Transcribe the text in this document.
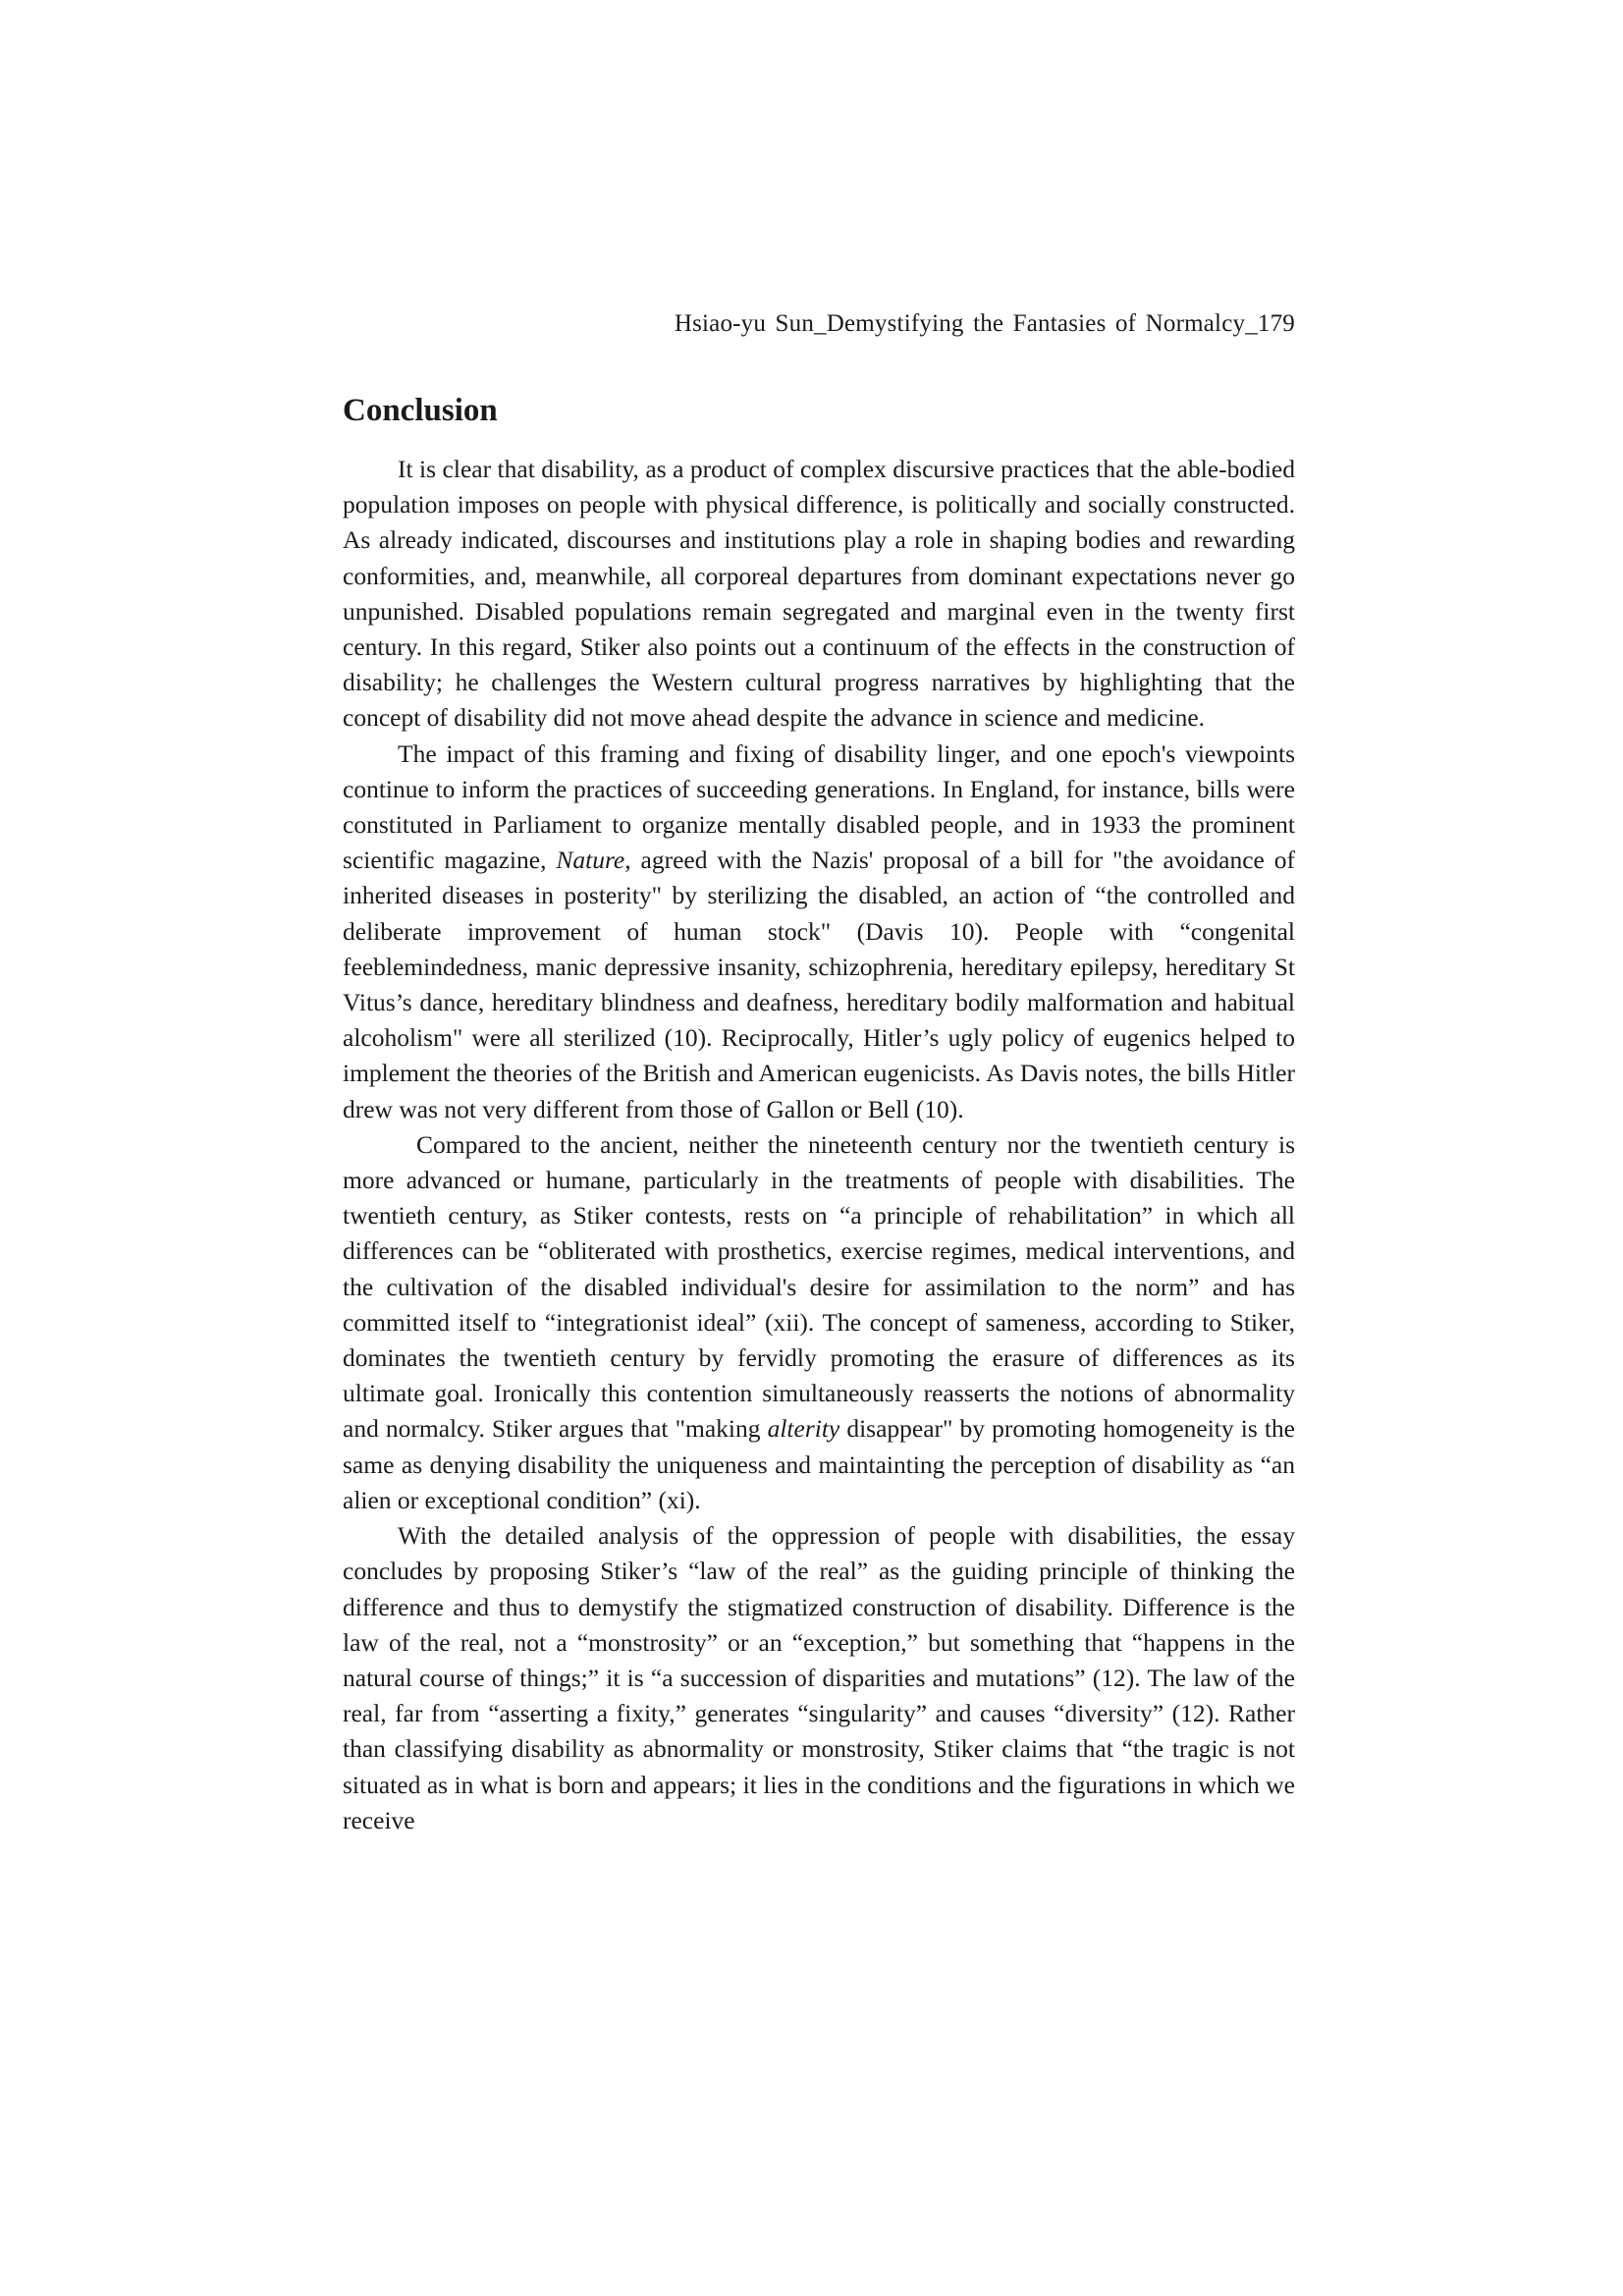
Hsiao-yu Sun_Demystifying the Fantasies of Normalcy_179
Conclusion

It is clear that disability, as a product of complex discursive practices that the able-bodied population imposes on people with physical difference, is politically and socially constructed. As already indicated, discourses and institutions play a role in shaping bodies and rewarding conformities, and, meanwhile, all corporeal departures from dominant expectations never go unpunished. Disabled populations remain segregated and marginal even in the twenty first century. In this regard, Stiker also points out a continuum of the effects in the construction of disability; he challenges the Western cultural progress narratives by highlighting that the concept of disability did not move ahead despite the advance in science and medicine.

The impact of this framing and fixing of disability linger, and one epoch's viewpoints continue to inform the practices of succeeding generations. In England, for instance, bills were constituted in Parliament to organize mentally disabled people, and in 1933 the prominent scientific magazine, Nature, agreed with the Nazis' proposal of a bill for "the avoidance of inherited diseases in posterity" by sterilizing the disabled, an action of “the controlled and deliberate improvement of human stock" (Davis 10). People with “congenital feeblemindedness, manic depressive insanity, schizophrenia, hereditary epilepsy, hereditary St Vitus’s dance, hereditary blindness and deafness, hereditary bodily malformation and habitual alcoholism" were all sterilized (10). Reciprocally, Hitler’s ugly policy of eugenics helped to implement the theories of the British and American eugenicists. As Davis notes, the bills Hitler drew was not very different from those of Gallon or Bell (10).

Compared to the ancient, neither the nineteenth century nor the twentieth century is more advanced or humane, particularly in the treatments of people with disabilities. The twentieth century, as Stiker contests, rests on “a principle of rehabilitation” in which all differences can be “obliterated with prosthetics, exercise regimes, medical interventions, and the cultivation of the disabled individual's desire for assimilation to the norm” and has committed itself to “integrationist ideal” (xii). The concept of sameness, according to Stiker, dominates the twentieth century by fervidly promoting the erasure of differences as its ultimate goal. Ironically this contention simultaneously reasserts the notions of abnormality and normalcy. Stiker argues that "making alterity disappear" by promoting homogeneity is the same as denying disability the uniqueness and maintainting the perception of disability as “an alien or exceptional condition” (xi).

With the detailed analysis of the oppression of people with disabilities, the essay concludes by proposing Stiker’s “law of the real” as the guiding principle of thinking the difference and thus to demystify the stigmatized construction of disability. Difference is the law of the real, not a “monstrosity” or an “exception,” but something that “happens in the natural course of things;” it is “a succession of disparities and mutations” (12). The law of the real, far from “asserting a fixity,” generates “singularity” and causes “diversity” (12). Rather than classifying disability as abnormality or monstrosity, Stiker claims that “the tragic is not situated as in what is born and appears; it lies in the conditions and the figurations in which we receive
